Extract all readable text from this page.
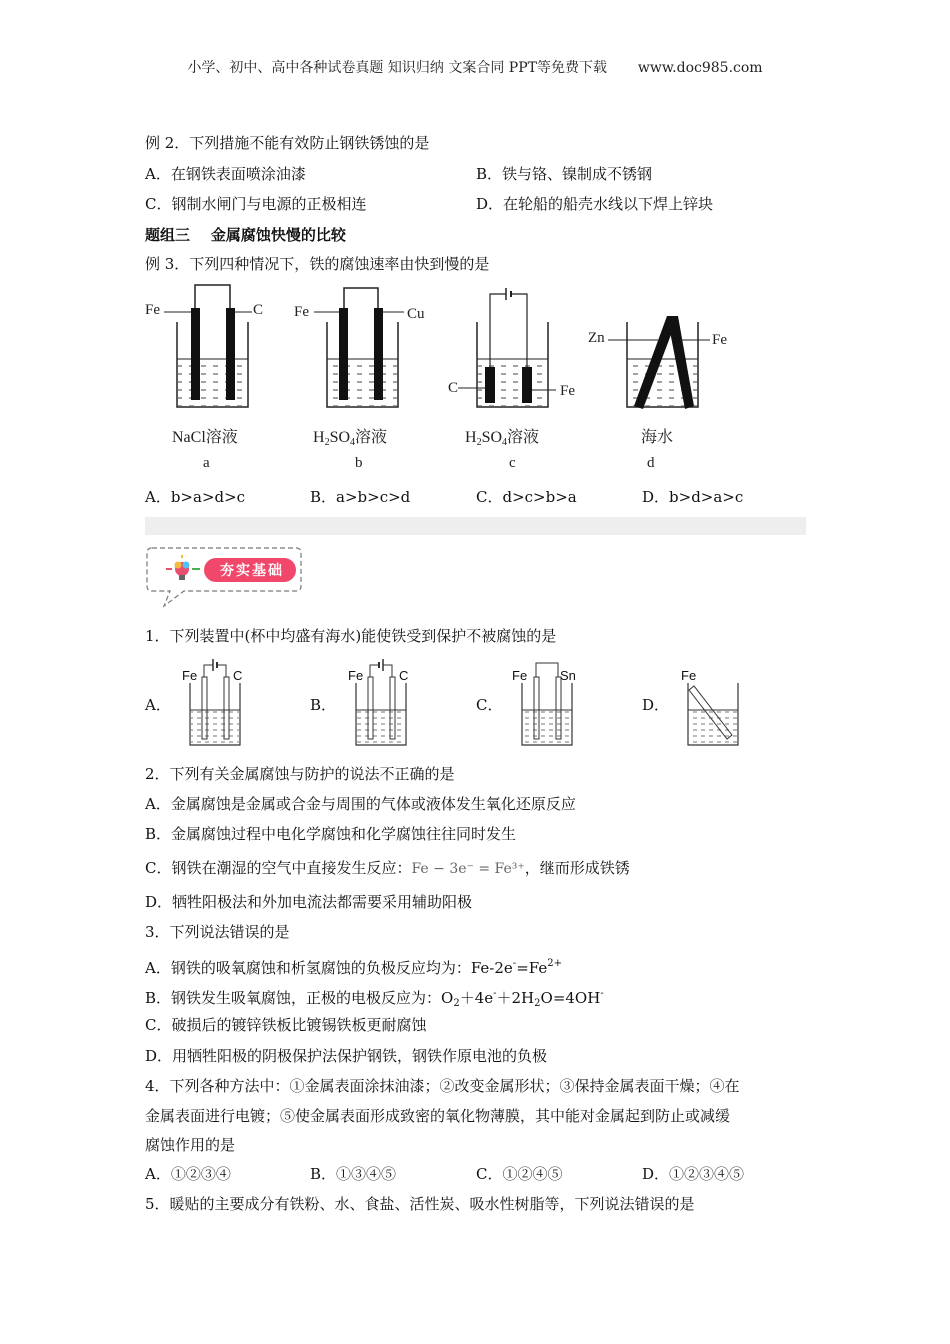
小学、初中、高中各种试卷真题 知识归纳 文案合同 PPT等免费下载 www.doc985.com
例 2．下列措施不能有效防止钢铁锈蚀的是
A．在钢铁表面喷涂油漆	B．铁与铬、镍制成不锈钢
C．钢制水闸门与电源的正极相连	D．在轮船的船壳水线以下焊上锌块
题组三    金属腐蚀快慢的比较
例 3．下列四种情况下，铁的腐蚀速率由快到慢的是
Fe	C Fe	Cu
C	Fe
Zn	Fe
NaCl溶液	$H_2SO_4$溶液	$H_2SO_4$溶液	海水
a	b	c	d
A．b>a>d>c	B．a>b>c>d	C．d>c>b>a	D．b>d>a>c
夯实基础
1．下列装置中(杯中均盛有海水)能使铁受到保护不被腐蚀的是
A．	B．	C．	D．
Fe	C	Fe	C	Fe	Sn	Fe
2．下列有关金属腐蚀与防护的说法不正确的是
A．金属腐蚀是金属或合金与周围的气体或液体发生氧化还原反应
B．金属腐蚀过程中电化学腐蚀和化学腐蚀往往同时发生
C．钢铁在潮湿的空气中直接发生反应：Fe − 3e⁻ = Fe³⁺，继而形成铁锈
D．牺牲阳极法和外加电流法都需要采用辅助阳极
3．下列说法错误的是
A．钢铁的吸氧腐蚀和析氢腐蚀的负极反应均为：$Fe-2e^-=Fe^{2+}$
B．钢铁发生吸氧腐蚀，正极的电极反应为：$O_2+4e^-+2H_2O=4OH^-$
C．破损后的镀锌铁板比镀锡铁板更耐腐蚀
D．用牺牲阳极的阴极保护法保护钢铁，钢铁作原电池的负极
4．下列各种方法中：①金属表面涂抹油漆；②改变金属形状；③保持金属表面干燥；④在
金属表面进行电镀；⑤使金属表面形成致密的氧化物薄膜，其中能对金属起到防止或减缓
腐蚀作用的是
A．①②③④	B．①③④⑤	C．①②④⑤	D．①②③④⑤
5．暖贴的主要成分有铁粉、水、食盐、活性炭、吸水性树脂等，下列说法错误的是
